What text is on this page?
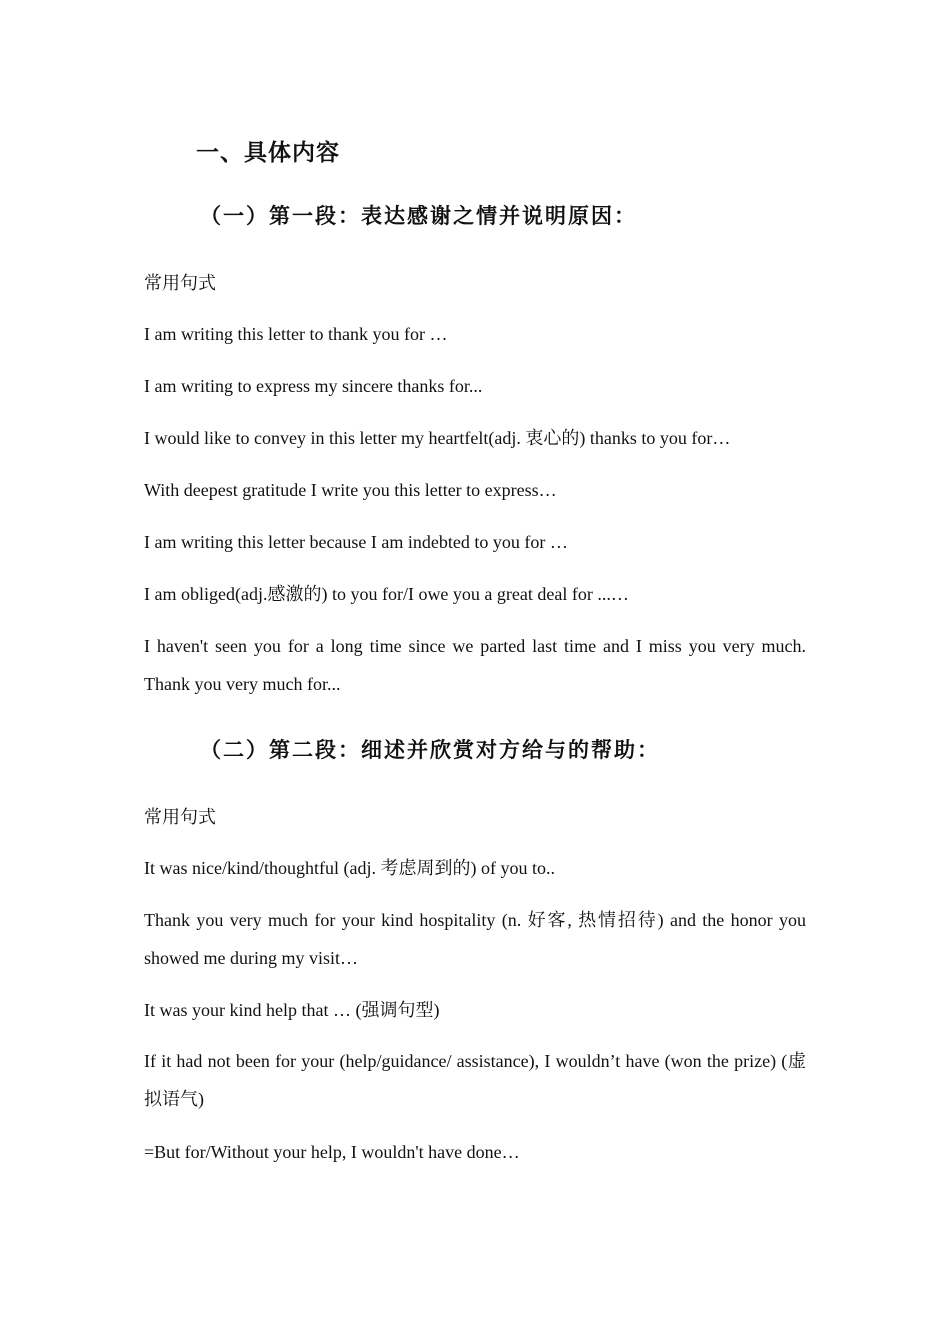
一、具体内容
（一）第一段：表达感谢之情并说明原因：
常用句式
I am writing this letter to thank you for …
I am writing to express my sincere thanks for...
I would like to convey in this letter my heartfelt(adj. 衷心的) thanks to you for…
With deepest gratitude I write you this letter to express…
I am writing this letter because I am indebted to you for …
I am obliged(adj.感激的) to you for/I owe you a great deal for ...…
I haven't seen you for a long time since we parted last time and I miss you very much. Thank you very much for...
（二）第二段：细述并欣赏对方给与的帮助：
常用句式
It was nice/kind/thoughtful (adj. 考虑周到的) of you to..
Thank you very much for your kind hospitality (n. 好客, 热情招待) and the honor you showed me during my visit…
It was your kind help that … (强调句型)
If it had not been for your (help/guidance/ assistance), I wouldn’t have (won the prize) (虚拟语气)
=But for/Without your help, I wouldn't have done…
